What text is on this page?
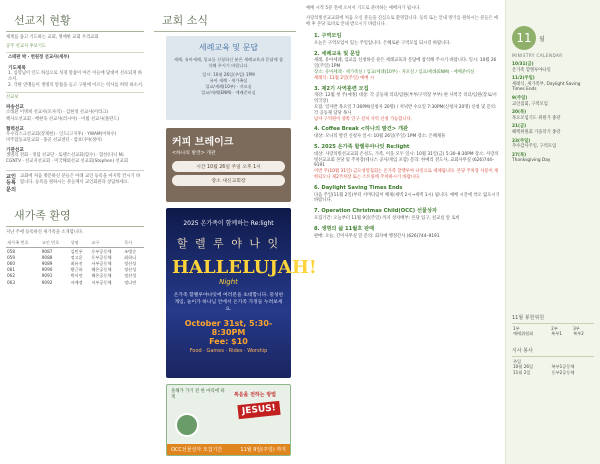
선교지 현황
세계를 품고 기도하는 교회, 명예한 교회 우리교회
공주 선교사 후보기도
스테판 박 · 헌원정 선교사(세부)
기도제목
1. 심령님이 인도 하심으로 성경 말씀이 아픈 이들에 답대어 선포되게 하소서.
2. 각판 연맹들이 생명의 말씀을 들고 구원에 이르는 역사를 허락 하소서.
선교보
파송선교
소래환 이명희 선교사(모자직) · 김현정 선교사(이라크)
헥사오선교회 · 배현욱 선교사(러시아) · 이범 선교사(폴란드)
협력선교
우수리스크선교회(강제현) · 인도(고지후) · YWAM(이하우)
미주합동교단교회 · 몽골 선교센터 · 캄보디아(정미)
기관선교
생명의 전화 · 정립 선교단 · 토랜스선교회(함수) · 합선(다니 N)
CGNTV · 선교지선교회 · 미국해외선교 선교회(Stephen) 선교회
교인 등록 문의
교회에 처음 방문하신 분들은 아래 교인 등록을 마지막 칸시기 바랍니다. 등록을 원하시는 분들께서 교인회관과 상담하세요.
새가족 환영
지난 주에 등록하신 새가족을 소개합니다.
새가족 번호	교인 번호	성명	교구	목사
058	9087	김민우	동부공동체	조병순
059	9088	정고운	동부공동체	최하나
060	9089	최유진	서부공동체	정산성
061	9090	황근하	해온공동체	정산성
062	9091	박서연	해온공동체	정산성
063	9092	서예정	서부공동체	정나연
교회 소식
세례교육 및 문답
세례, 유아세례, 입교를 신청하신 분은 세례교육과 문답에 참석해 주시기 바랍니다.
일시: 10월 26일(주일) 1PM
유아 세례 · 세가족실
입교/세례(10부) · 자모실
입교/세례(ENM) · 예배준비실
커피 브레이크
<하나의 발견> 개관
시간 10월 26일 주일 오후 1시
장소 새신교회장
2025 온가족이 함께하는 Re:light
할 렐 루 야 나 잇
HALLELUJAH!
Night
온가족 할렐루야나잇에 여러분을 초대합니다. 풍성한 게임, 놀이가 하나님 안에서 온가족 가정들 누려보세요.
October 31st, 5:30-8:30PM
Fee: $10
Food · Games · Rides · Worship
올해가 가기 전 한 마리에 하게	복음을 전하는 방법
JESUS!
OCC선물상자 모집기간	11월 9일(주일) 까지
예배 시작 5분 전에 오셔서 기도로 준비하는 예배자가 됩시다.
사랑의빛선교교회에 처음 오신 분들을 진심으로 환영합니다. 등록 또는 안내 방기를 원하시는 분들은 예배 후 본당 로비로 안내 받으시기 바랍니다.
1. 구역모임
오늘은 구역모임이 있는 주일입니다. 은혜로운 구역모임 되시길 바랍니다.
2. 세례교육 및 문답
세례, 유아세례, 입교를 신청하신 분은 세례교육과 문답에 참석해 주시기 바랍니다. 일시: 10월 26일(주일) 1PM
장소: 유아세례 · 세가족실 / 입교/세례(10부) · 자모실 / 입교/세례(ENM) · 예배준비실
세례식: 11월 2일(주일) 예배 시
3. 제2기 사역훈련 모집
개강: 12월 첫 주(예정) 대상: 각 공동체 리더/임원(부부/구역장 부부) 한 사역국 리더/임원(장로/서역국장)
모집: 일자반 목요일 7:30PM(신청자 20명) / 저녁반 수요일 7:30PM(신청자 20명) 신청 및 문의: 각 공동체 담당 목사
남자 구역원이 양쪽 인구 걸처 사역 신청 가능합니다.
4. Coffee Break <하나의 발견> 개관
대상: 모나의 발견 신청자 일시: 10월 26일(주일) 1PM 장소: 은혜채플
5. 2025 온가족 할렐루야나잇 Re:light
대상: 사랑의빛선교교회 온성도, 가족, 이웃 모두 일시: 10월 31일(금) 5:30–8:30PM 장소: 사랑의빛선교교회 본당 및 주차장(테니스 공사/게임 포함) 문의: 한예리 전도사, 교회사무실 (626)744–9191
이번 주(10월 31일) 금요성령집회는 온가족 할렐루야 나잇으로 대체됩니다. 본당 주차장 사용이 제한되오니 제2주차장 또는 스트릿에 주차하시기 바랍니다.
6. Daylight Saving Times Ends
다음 주일(11월 2일)부터 서머타임이 해제(새벽 2시→새벽 1시) 됩니다. 예배 시간에 착오 없으시기 바랍니다.
7. Operation Christmas Child(OCC) 선물상자
모집기간: 오늘부터 11월 9일(주일) 까지 상자배부: 본당 입구, 친교실 앞 로비
8. 생명의 삶 11월호 판매
판매: 오늘, 간이사무실 앞 문의: 회자예 행정간사 (626)744–9191
11	월
MINISTRY CALENDAR
10/31(금)
온가족 할렐루야나잇
11/2(주일)
세례식, 새가족부, Daylight Saving Times Ends
9(주일)
교인집회, 구역모임
20(목)
목요모임기도 위원가 종강
21(금)
헤렉위원회 가을학기 종강
23(주일)
추수감사주일, 구역모임
27(목)
Thanksgiving Day
11월 봉헌위원
1부	2부	3부
예배위원회	복부1	복부2
식사 봉사
주일	
10월 26일	복부1공동체
11월 2일	동부2공동체
